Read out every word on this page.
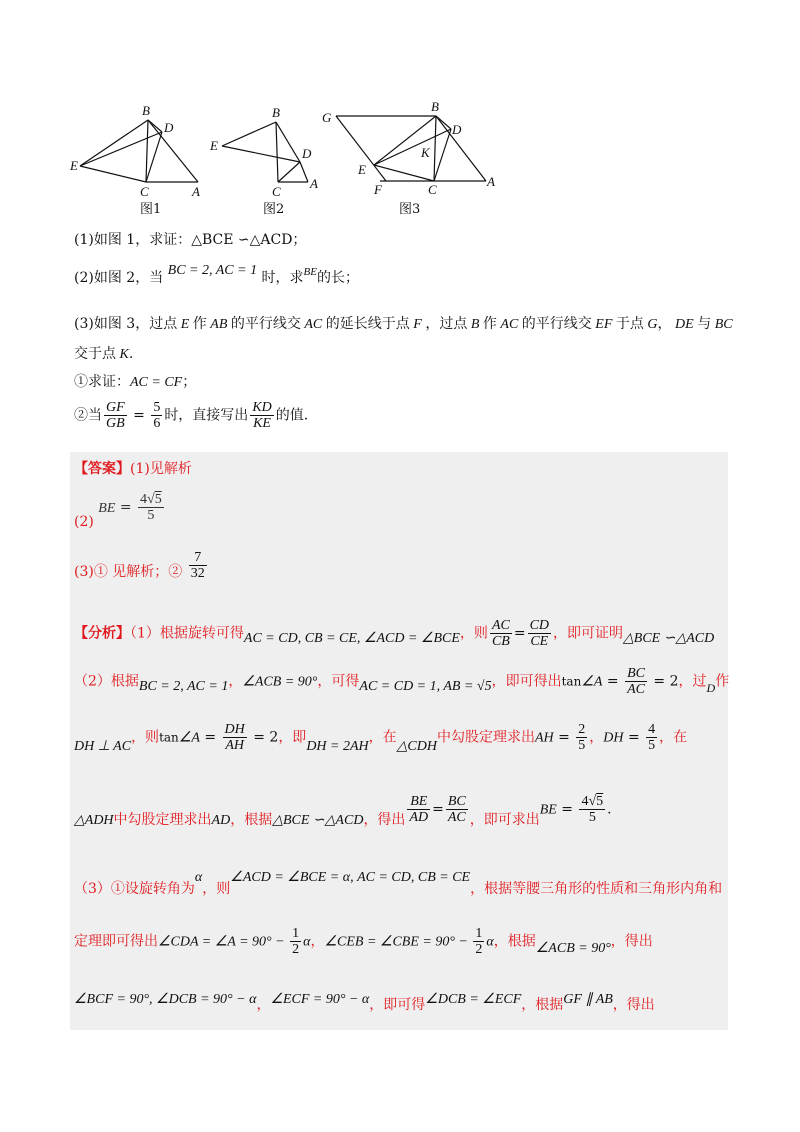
B
D
E
C	A
图1
B
E
D
C
A
图2
G
B
D
K
E
F	C
A
图3
(1)如图 1，求证：△BCE ∽△ACD；
(2)如图 2，当 BC = 2, AC = 1 时，求$^{BE}$的长；
(3)如图 3，过点 E 作 AB 的平行线交 AC 的延长线于点 F ，过点 B 作 AC 的平行线交 EF 于点 G， DE 与 BC
交于点 K.
①求证：AC = CF；
②当 $\frac{GF}{GB} = \frac{5}{6}$ 时，直接写出 $\frac{KD}{KE}$ 的值.
【答案】(1)见解析
(2) BE = $\frac{4√5}{5}$
(3)① 见解析；② $\frac{7}{32}$
【分析】（1）根据旋转可得AC = CD, CB = CE, ∠ACD = ∠BCE，则 $\frac{AC}{CB} = \frac{CD}{CE}$ ，即可证明△BCE ∽△ACD
（2）根据BC = 2, AC = 1，∠ACB = 90°，可得AC = CD = 1, AB = √5，即可得出tan∠A = $\frac{BC}{AC} = 2$，过D作
DH ⊥ AC，则tan∠A = $\frac{DH}{AH} = 2$，即DH = 2AH，在△CDH中勾股定理求出AH = $\frac{2}{5}$ ，DH = $\frac{4}{5}$ ，在
△ADH中勾股定理求出AD，根据△BCE ∽△ACD，得出 $\frac{BE}{AD} = \frac{BC}{AC}$ ，即可求出BE = $\frac{4√5}{5}$ .
（3）①设旋转角为α，则∠ACD = ∠BCE = α, AC = CD, CB = CE，根据等腰三角形的性质和三角形内角和
定理即可得出∠CDA = ∠A = $90^\circ - \frac{1}{2}$ α，∠CEB = ∠CBE = $90^\circ - \frac{1}{2}$ α，根据∠ACB = 90°，得出
∠BCF = 90°, ∠DCB = 90° − α，∠ECF = 90° − α，即可得∠DCB = ∠ECF，根据GF ∥ AB，得出
